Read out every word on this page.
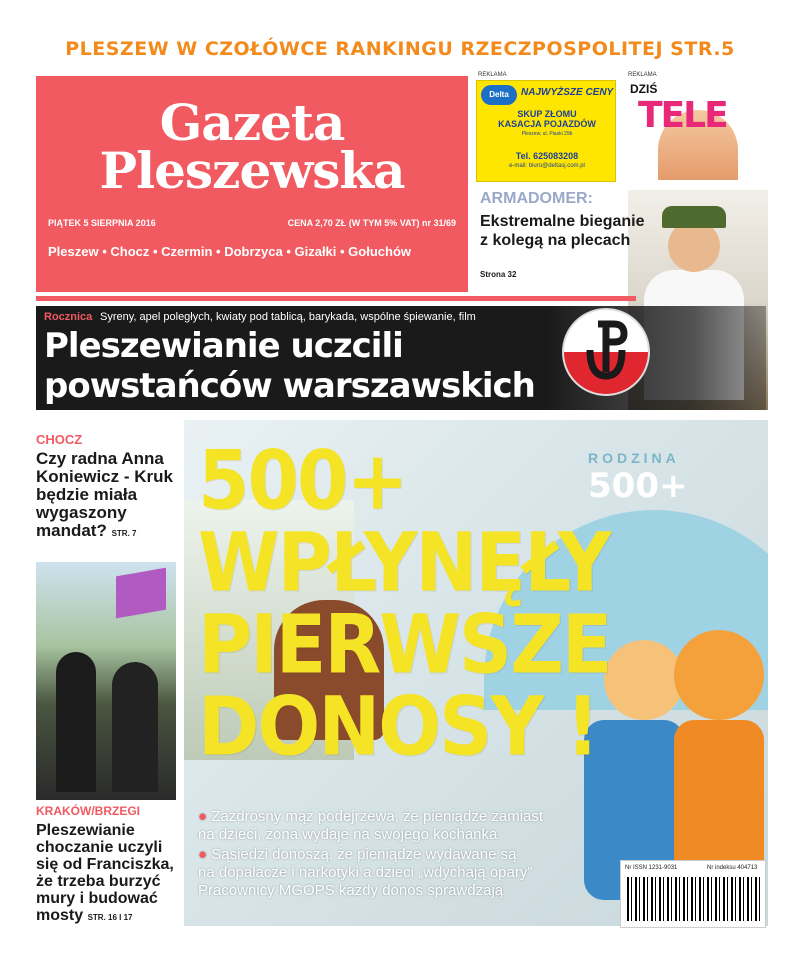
PLESZEW W CZOŁÓWCE RANKINGU RZECZPOSPOLITEJ STR.5
Gazeta
Pleszewska
PIĄTEK 5 SIERPNIA 2016	CENA 2,70 ZŁ (W TYM 5% VAT) nr 31/69
Pleszew • Chocz • Czermin • Dobrzyca • Gizałki • Gołuchów
REKLAMA
Delta	NAJWYŻSZE CENY
SKUP ZŁOMU
KASACJA POJAZDÓW
Pleszew, ul. Piaski 29b
Tel. 625083208
e-mail: biuro@deltasj.com.pl
REKLAMA
DZIŚ
TELE
ARMADOMER:
Ekstremalne bieganie z kolegą na plecach
Strona 32
Rocznica Syreny, apel poległych, kwiaty pod tablicą, barykada, wspólne śpiewanie, film
Pleszewianie uczcili
powstańców warszawskich
CHOCZ
Czy radna Anna Koniewicz - Kruk będzie miała wygaszony mandat? STR. 7
KRAKÓW/BRZEGI
Pleszewianie choczanie uczyli się od Franciszka, że trzeba burzyć mury i budować mosty STR. 16 I 17
RODZINA
500+
500+
WPŁYNĘŁY
PIERWSZE
DONOSY !
● Zazdrosny mąż podejrzewa, że pieniądze zamiast
na dzieci, żona wydaje na swojego kochanka
● Sąsiedzi donoszą, że pieniądze wydawane są
na dopalacze i narkotyki a dzieci „wdychają opary”
Pracownicy MGOPS każdy donos sprawdzają
Nr ISSN 1231-9031	Nr indeksu 404713
